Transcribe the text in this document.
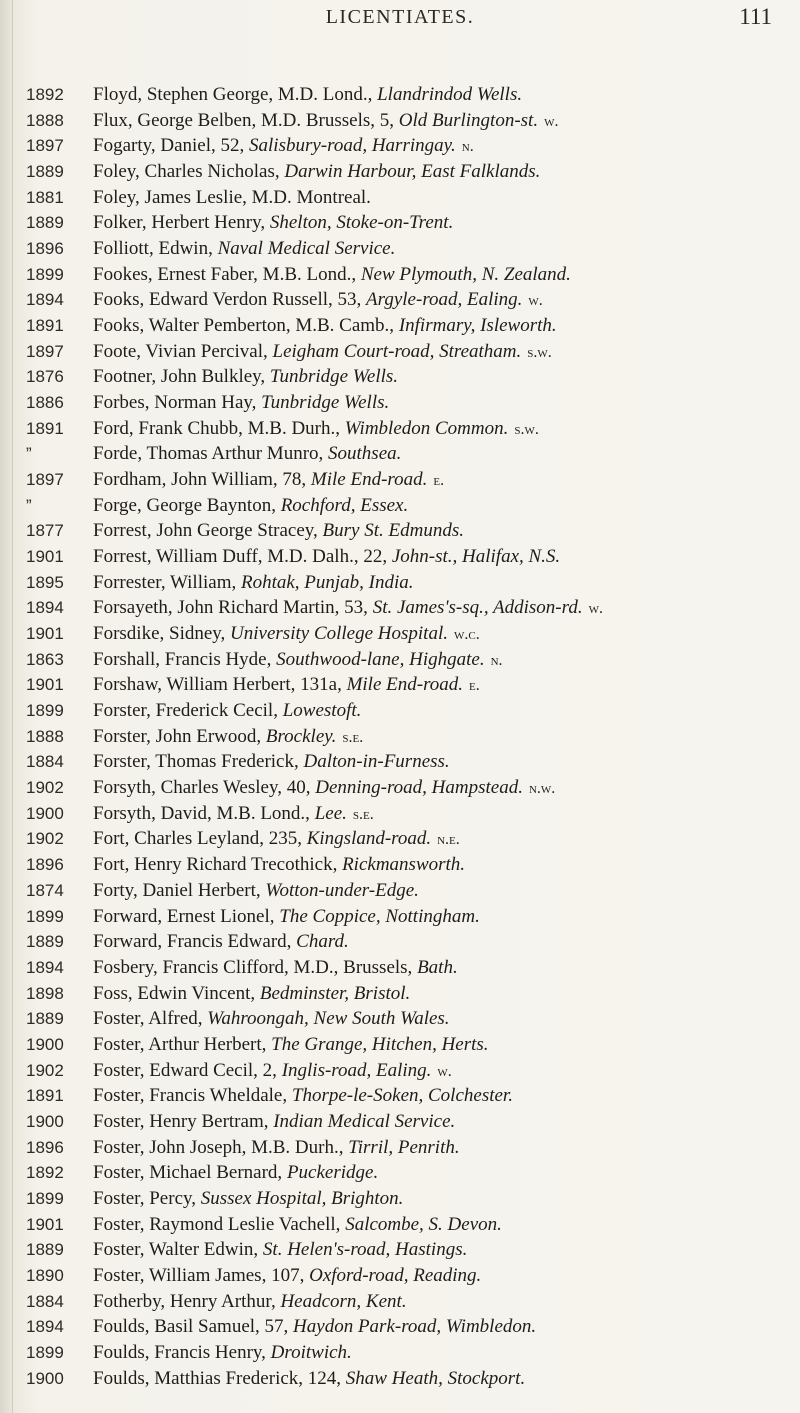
LICENTIATES.	111
1892
1888
1897
1889
1881
1889
1896
1899
1894
1891
1897
1876
1886
1891
”
1897
”
1877
1901
1895
1894
1901
1863
1901
1899
1888
1884
1902
1900
1902
1896
1874
1899
1889
1894
1898
1889
1900
1902
1891
1900
1896
1892
1899
1901
1889
1890
1884
1894
1899
1900
Floyd, Stephen George, M.D. Lond., Llandrindod Wells.
Flux, George Belben, M.D. Brussels, 5, Old Burlington-st. w.
Fogarty, Daniel, 52, Salisbury-road, Harringay. n.
Foley, Charles Nicholas, Darwin Harbour, East Falklands.
Foley, James Leslie, M.D. Montreal.
Folker, Herbert Henry, Shelton, Stoke-on-Trent.
Folliott, Edwin, Naval Medical Service.
Fookes, Ernest Faber, M.B. Lond., New Plymouth, N. Zealand.
Fooks, Edward Verdon Russell, 53, Argyle-road, Ealing. w.
Fooks, Walter Pemberton, M.B. Camb., Infirmary, Isleworth.
Foote, Vivian Percival, Leigham Court-road, Streatham. s.w.
Footner, John Bulkley, Tunbridge Wells.
Forbes, Norman Hay, Tunbridge Wells.
Ford, Frank Chubb, M.B. Durh., Wimbledon Common. s.w.
Forde, Thomas Arthur Munro, Southsea.
Fordham, John William, 78, Mile End-road. e.
Forge, George Baynton, Rochford, Essex.
Forrest, John George Stracey, Bury St. Edmunds.
Forrest, William Duff, M.D. Dalh., 22, John-st., Halifax, N.S.
Forrester, William, Rohtak, Punjab, India.
Forsayeth, John Richard Martin, 53, St. James's-sq., Addison-rd. w.
Forsdike, Sidney, University College Hospital. w.c.
Forshall, Francis Hyde, Southwood-lane, Highgate. n.
Forshaw, William Herbert, 131a, Mile End-road. e.
Forster, Frederick Cecil, Lowestoft.
Forster, John Erwood, Brockley. s.e.
Forster, Thomas Frederick, Dalton-in-Furness.
Forsyth, Charles Wesley, 40, Denning-road, Hampstead. n.w.
Forsyth, David, M.B. Lond., Lee. s.e.
Fort, Charles Leyland, 235, Kingsland-road. n.e.
Fort, Henry Richard Trecothick, Rickmansworth.
Forty, Daniel Herbert, Wotton-under-Edge.
Forward, Ernest Lionel, The Coppice, Nottingham.
Forward, Francis Edward, Chard.
Fosbery, Francis Clifford, M.D., Brussels, Bath.
Foss, Edwin Vincent, Bedminster, Bristol.
Foster, Alfred, Wahroongah, New South Wales.
Foster, Arthur Herbert, The Grange, Hitchen, Herts.
Foster, Edward Cecil, 2, Inglis-road, Ealing. w.
Foster, Francis Wheldale, Thorpe-le-Soken, Colchester.
Foster, Henry Bertram, Indian Medical Service.
Foster, John Joseph, M.B. Durh., Tirril, Penrith.
Foster, Michael Bernard, Puckeridge.
Foster, Percy, Sussex Hospital, Brighton.
Foster, Raymond Leslie Vachell, Salcombe, S. Devon.
Foster, Walter Edwin, St. Helen's-road, Hastings.
Foster, William James, 107, Oxford-road, Reading.
Fotherby, Henry Arthur, Headcorn, Kent.
Foulds, Basil Samuel, 57, Haydon Park-road, Wimbledon.
Foulds, Francis Henry, Droitwich.
Foulds, Matthias Frederick, 124, Shaw Heath, Stockport.
